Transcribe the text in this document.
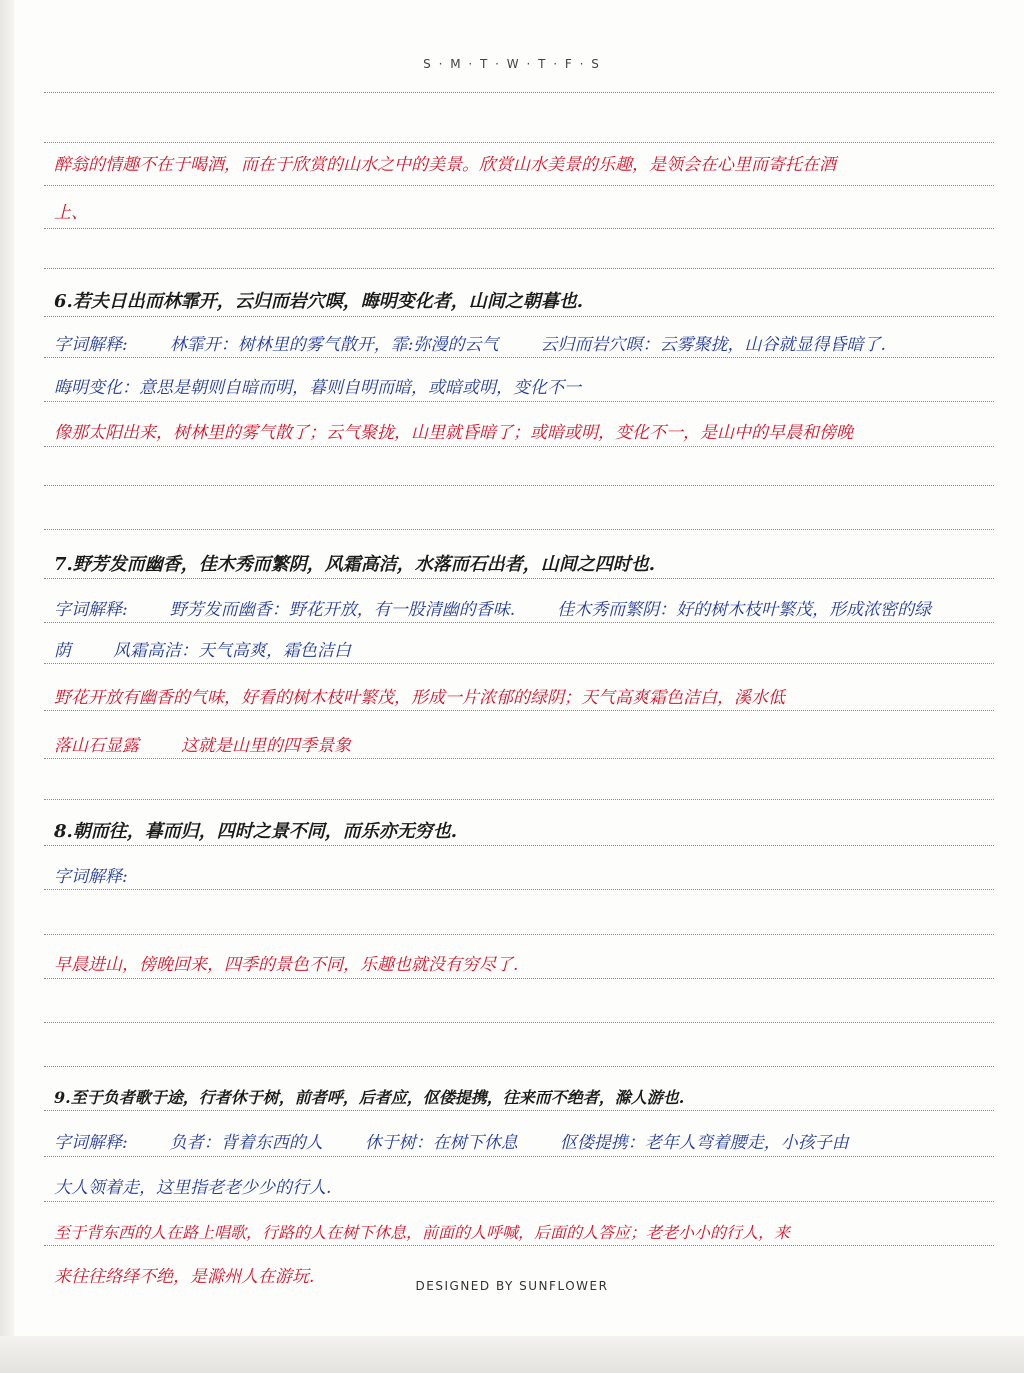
S · M · T · W · T · F · S
醉翁的情趣不在于喝酒，而在于欣赏的山水之中的美景。欣赏山水美景的乐趣，是领会在心里而寄托在酒
上、
6.若夫日出而林霏开，云归而岩穴暝，晦明变化者，山间之朝暮也.
字词解释: 林霏开：树林里的雾气散开，霏:弥漫的云气 云归而岩穴暝：云雾聚拢，山谷就显得昏暗了.
晦明变化：意思是朝则自暗而明，暮则自明而暗，或暗或明，变化不一
像那太阳出来，树林里的雾气散了；云气聚拢，山里就昏暗了；或暗或明，变化不一，是山中的早晨和傍晚
7.野芳发而幽香，佳木秀而繁阴，风霜高洁，水落而石出者，山间之四时也.
字词解释: 野芳发而幽香：野花开放，有一股清幽的香味. 佳木秀而繁阴：好的树木枝叶繁茂，形成浓密的绿
荫 风霜高洁：天气高爽，霜色洁白
野花开放有幽香的气味，好看的树木枝叶繁茂，形成一片浓郁的绿阴；天气高爽霜色洁白，溪水低
落山石显露 这就是山里的四季景象
8.朝而往，暮而归，四时之景不同，而乐亦无穷也.
字词解释:
早晨进山，傍晚回来，四季的景色不同，乐趣也就没有穷尽了.
9.至于负者歌于途，行者休于树，前者呼，后者应，伛偻提携，往来而不绝者，滁人游也.
字词解释: 负者：背着东西的人 休于树：在树下休息 伛偻提携：老年人弯着腰走，小孩子由
大人领着走，这里指老老少少的行人.
至于背东西的人在路上唱歌，行路的人在树下休息，前面的人呼喊，后面的人答应；老老小小的行人，来
来往往络绎不绝，是滁州人在游玩.	DESIGNED BY SUNFLOWER
